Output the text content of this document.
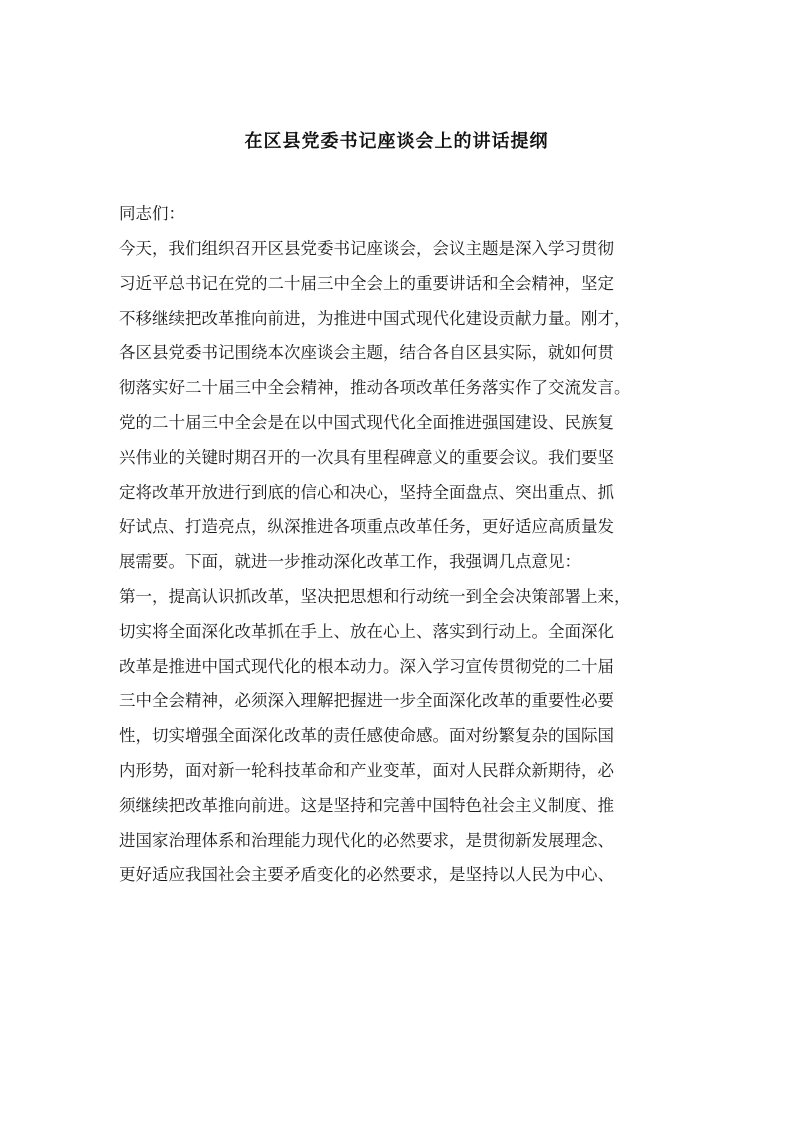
在区县党委书记座谈会上的讲话提纲
同志们：
今天，我们组织召开区县党委书记座谈会，会议主题是深入学习贯彻
习近平总书记在党的二十届三中全会上的重要讲话和全会精神，坚定
不移继续把改革推向前进，为推进中国式现代化建设贡献力量。刚才，
各区县党委书记围绕本次座谈会主题，结合各自区县实际，就如何贯
彻落实好二十届三中全会精神，推动各项改革任务落实作了交流发言。
党的二十届三中全会是在以中国式现代化全面推进强国建设、民族复
兴伟业的关键时期召开的一次具有里程碑意义的重要会议。我们要坚
定将改革开放进行到底的信心和决心，坚持全面盘点、突出重点、抓
好试点、打造亮点，纵深推进各项重点改革任务，更好适应高质量发
展需要。下面，就进一步推动深化改革工作，我强调几点意见：
第一，提高认识抓改革，坚决把思想和行动统一到全会决策部署上来，
切实将全面深化改革抓在手上、放在心上、落实到行动上。全面深化
改革是推进中国式现代化的根本动力。深入学习宣传贯彻党的二十届
三中全会精神，必须深入理解把握进一步全面深化改革的重要性必要
性，切实增强全面深化改革的责任感使命感。面对纷繁复杂的国际国
内形势，面对新一轮科技革命和产业变革，面对人民群众新期待，必
须继续把改革推向前进。这是坚持和完善中国特色社会主义制度、推
进国家治理体系和治理能力现代化的必然要求，是贯彻新发展理念、
更好适应我国社会主要矛盾变化的必然要求，是坚持以人民为中心、
